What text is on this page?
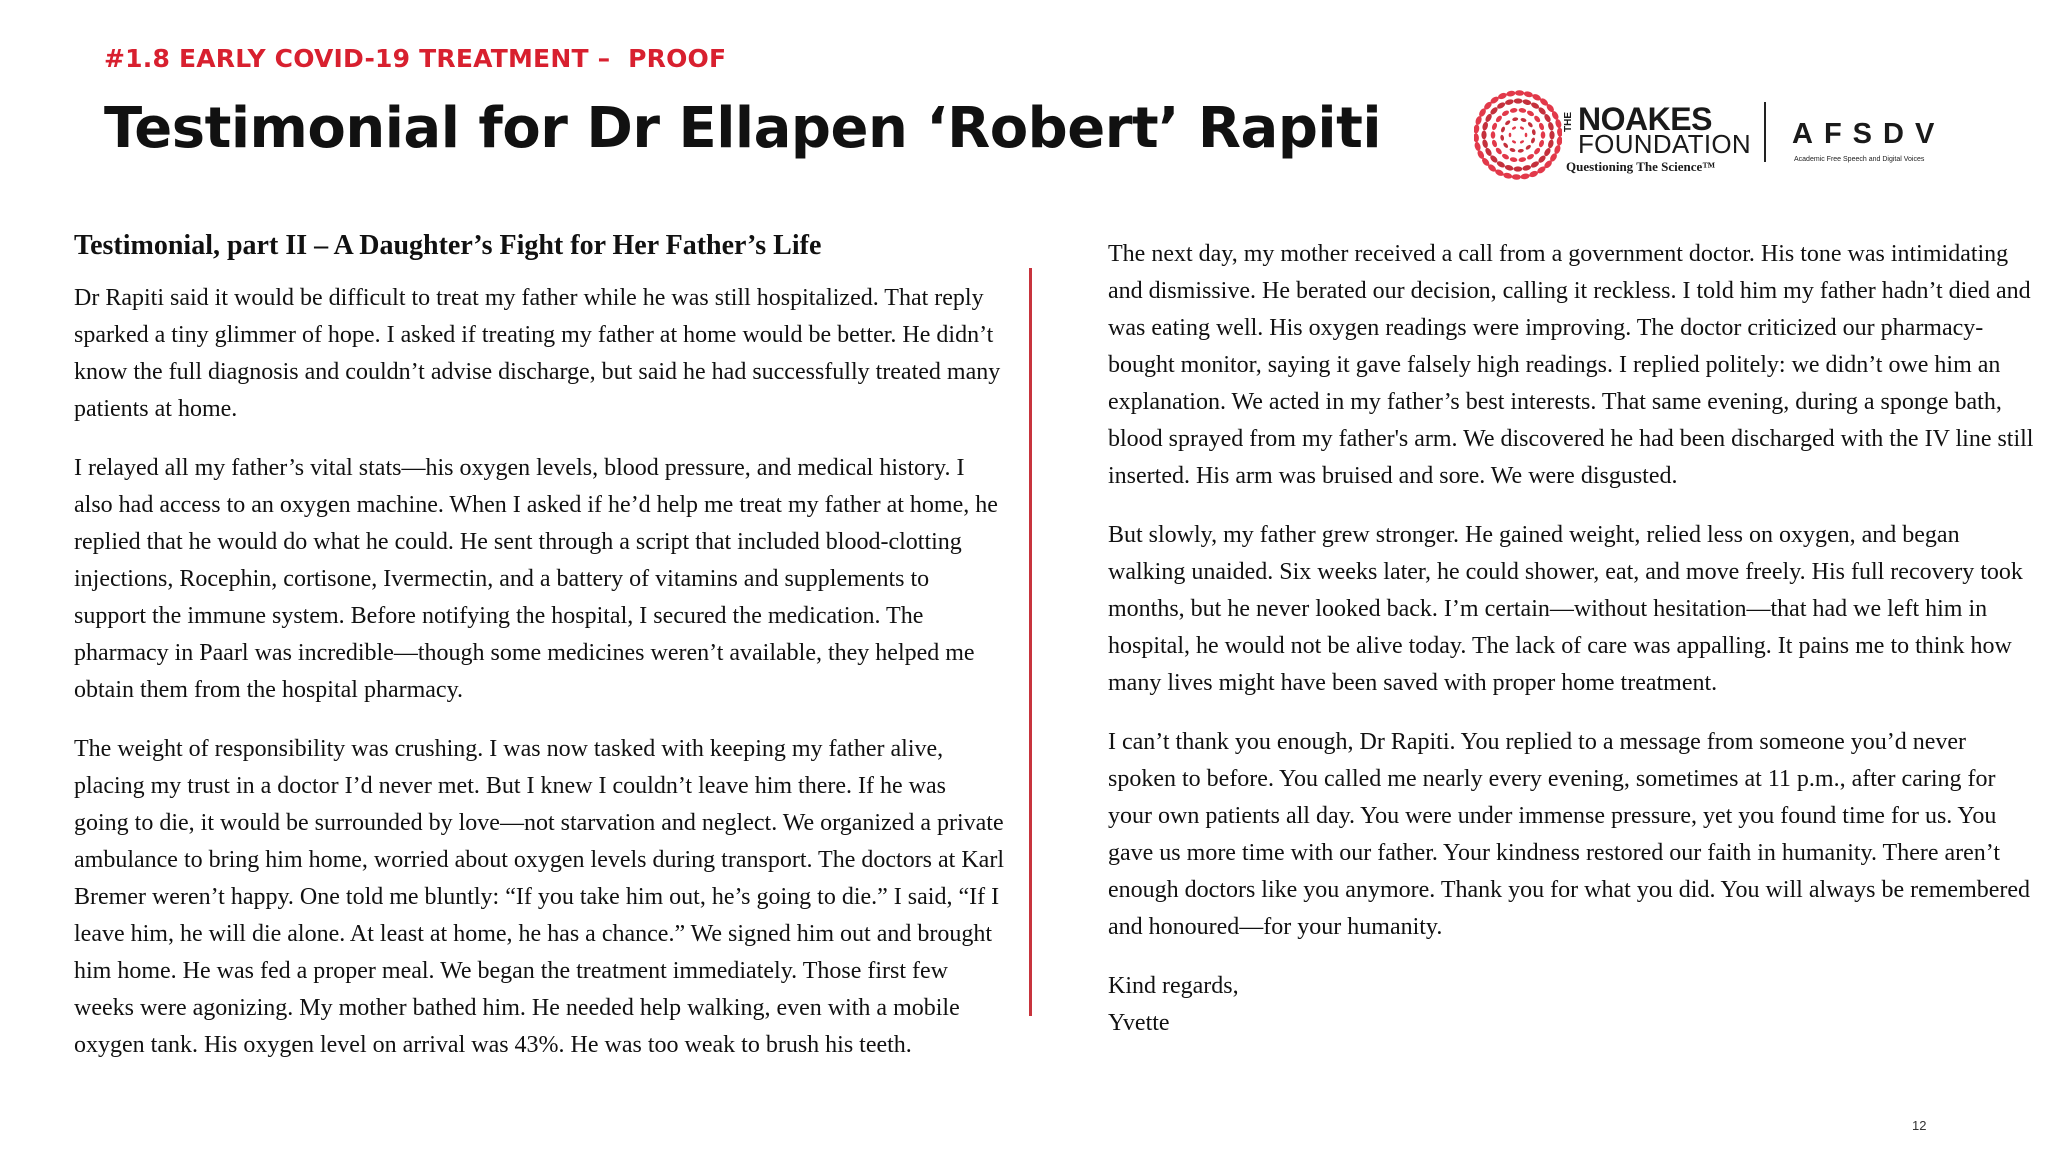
#1.8 EARLY COVID-19 TREATMENT –  PROOF
Testimonial for Dr Ellapen ‘Robert’ Rapiti	THE NOAKES
FOUNDATION
Questioning The Science™
AFSDV
Academic Free Speech and Digital Voices
Testimonial, part II – A Daughter’s Fight for Her Father’s Life

Dr Rapiti said it would be difficult to treat my father while he was still hospitalized. That reply sparked a tiny glimmer of hope. I asked if treating my father at home would be better. He didn’t know the full diagnosis and couldn’t advise discharge, but said he had successfully treated many patients at home.

I relayed all my father’s vital stats—his oxygen levels, blood pressure, and medical history. I also had access to an oxygen machine. When I asked if he’d help me treat my father at home, he replied that he would do what he could. He sent through a script that included blood-clotting injections, Rocephin, cortisone, Ivermectin, and a battery of vitamins and supplements to support the immune system. Before notifying the hospital, I secured the medication. The pharmacy in Paarl was incredible—though some medicines weren’t available, they helped me obtain them from the hospital pharmacy.

The weight of responsibility was crushing. I was now tasked with keeping my father alive, placing my trust in a doctor I’d never met. But I knew I couldn’t leave him there. If he was going to die, it would be surrounded by love—not starvation and neglect. We organized a private ambulance to bring him home, worried about oxygen levels during transport. The doctors at Karl Bremer weren’t happy. One told me bluntly: “If you take him out, he’s going to die.” I said, “If I leave him, he will die alone. At least at home, he has a chance.” We signed him out and brought him home. He was fed a proper meal. We began the treatment immediately. Those first few weeks were agonizing. My mother bathed him. He needed help walking, even with a mobile oxygen tank. His oxygen level on arrival was 43%. He was too weak to brush his teeth.

The next day, my mother received a call from a government doctor. His tone was intimidating and dismissive. He berated our decision, calling it reckless. I told him my father hadn’t died and was eating well. His oxygen readings were improving. The doctor criticized our pharmacy-bought monitor, saying it gave falsely high readings. I replied politely: we didn’t owe him an explanation. We acted in my father’s best interests. That same evening, during a sponge bath, blood sprayed from my father's arm. We discovered he had been discharged with the IV line still inserted. His arm was bruised and sore. We were disgusted.

But slowly, my father grew stronger. He gained weight, relied less on oxygen, and began walking unaided. Six weeks later, he could shower, eat, and move freely. His full recovery took months, but he never looked back. I’m certain—without hesitation—that had we left him in hospital, he would not be alive today. The lack of care was appalling. It pains me to think how many lives might have been saved with proper home treatment.

I can’t thank you enough, Dr Rapiti. You replied to a message from someone you’d never spoken to before. You called me nearly every evening, sometimes at 11 p.m., after caring for your own patients all day. You were under immense pressure, yet you found time for us. You gave us more time with our father. Your kindness restored our faith in humanity. There aren’t enough doctors like you anymore. Thank you for what you did. You will always be remembered and honoured—for your humanity.

Kind regards,

Yvette

12
